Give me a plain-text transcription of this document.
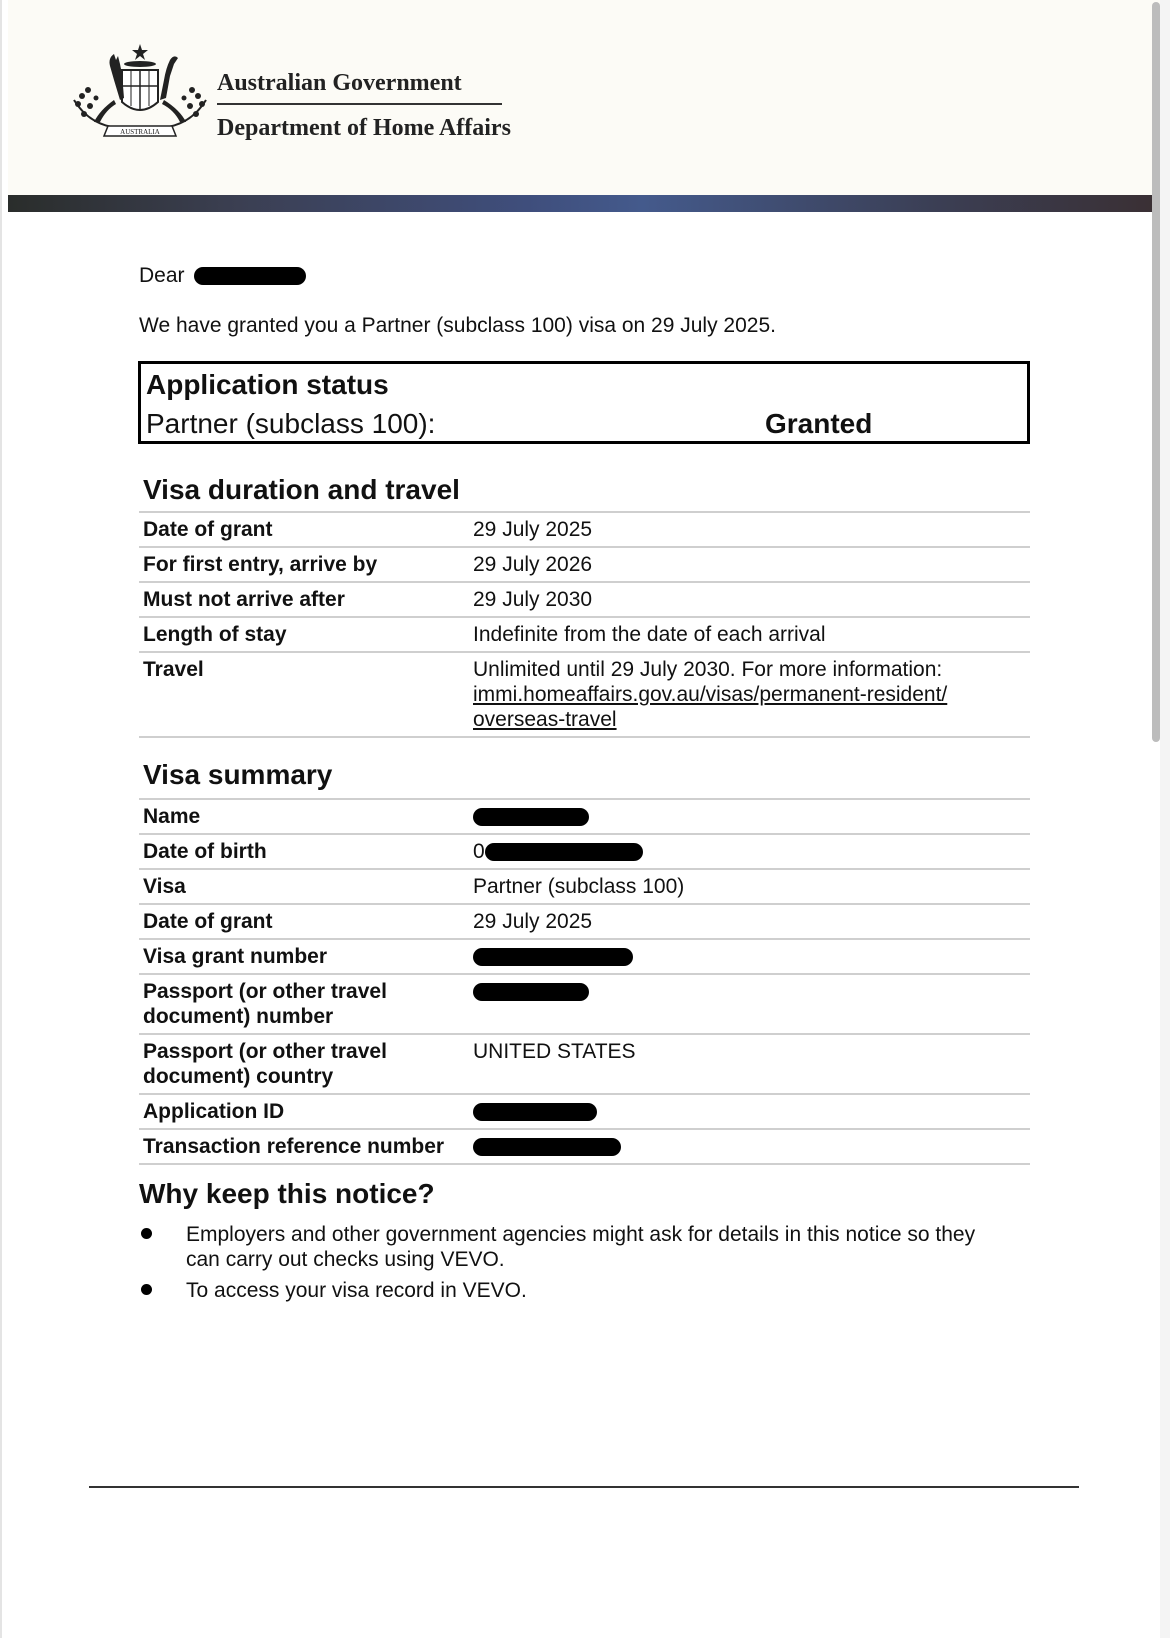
AUSTRALIA
Australian Government
Department of Home Affairs
Dear
We have granted you a Partner (subclass 100) visa on 29 July 2025.
Application status
Partner (subclass 100):	Granted
Visa duration and travel
Date of grant	29 July 2025
For first entry, arrive by	29 July 2026
Must not arrive after	29 July 2030
Length of stay	Indefinite from the date of each arrival
Travel	Unlimited until 29 July 2030. For more information:
immi.homeaffairs.gov.au/visas/permanent-resident/
overseas-travel
Visa summary
Name	
Date of birth	0
Visa	Partner (subclass 100)
Date of grant	29 July 2025
Visa grant number	

Passport (or other travel
document) number	

Passport (or other travel
document) country	UNITED STATES
Application ID	
Transaction reference number	
Why keep this notice?
Employers and other government agencies might ask for details in this notice so they
can carry out checks using VEVO.
To access your visa record in VEVO.
